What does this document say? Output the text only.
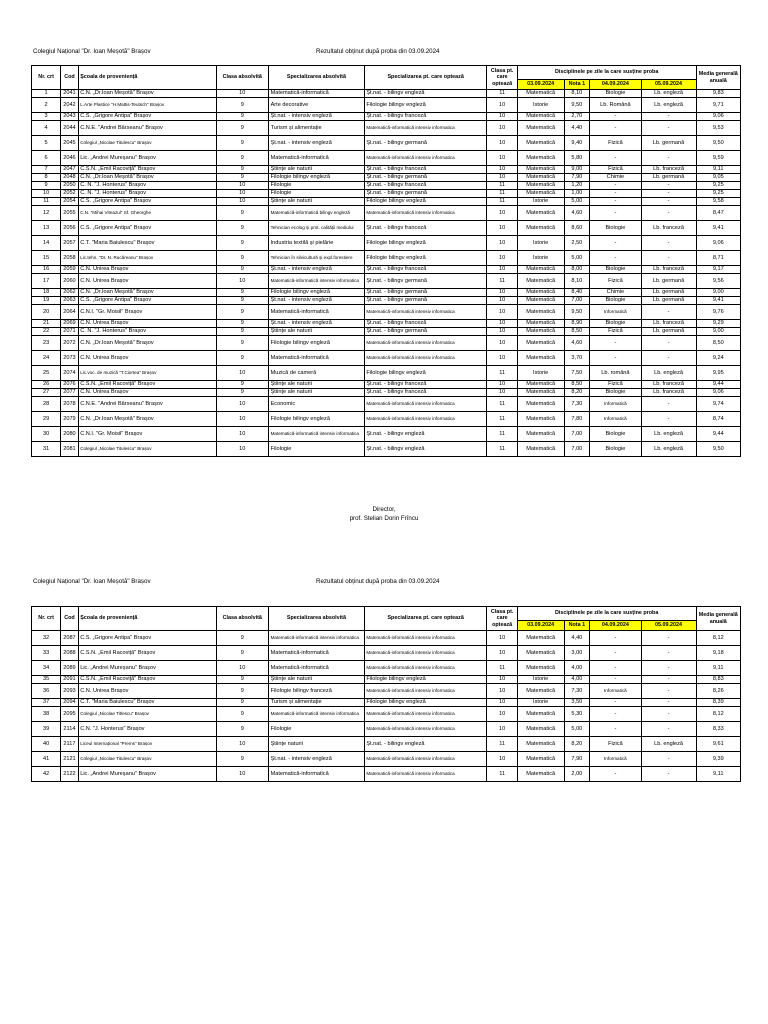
Colegiul Național "Dr. Ioan Meșotă" Brașov	Rezultatul obținut după proba din 03.09.2024
Nr. crt	Cod	Școala de proveniență	Clasa absolvită	Specializarea absolvită	Specializarea pt. care optează	Clasa pt. care optează	Disciplinele pe zile la care susține proba				Media generală anuală
							03.09.2024	Nota 1	04.09.2024	05.09.2024	
1	2041	C.N. „Dr.Ioan Meșotă" Brașov	10	Matematică-informatică	Șt.nat. - bilingv engleză	11	Matematică	8,10	Biologie	Lb. engleză	9,83
2	2042	L.Arte Plastice "H.Mattis-Teutsch" Brașov	9	Arte decorative	Filologie bilingv engleză	10	Istorie	9,50	Lb. Română	Lb. engleză	9,71
3	2043	C.S. „Grigore Antipa" Brașov	9	Șt.nat. - intensiv engleză	Șt.nat. - bilingv franceză	10	Matematică	2,70	-	-	9,06
4	2044	C.N.E. "Andrei Bârseanu" Brașov	9	Turism și alimentație	Matematică-informatică intensiv informatica	10	Matematică	4,40	-	-	9,53
5	2045	Colegiul „Nicolae Titulescu" Brașov	9	Șt.nat. - intensiv engleză	Șt.nat. - bilingv germană	10	Matematică	9,40	Fizică	Lb. germană	9,50
6	2046	Lic. „Andrei Mureșanu" Brașov	9	Matematică-informatică	Matematică-informatică intensiv informatica	10	Matematică	5,80	-	-	9,59
7	2047	C.S.N. „Emil Racoviță" Brașov	9	Științe ale naturii	Șt.nat. - bilingv franceză	10	Matematică	9,00	Fizică	Lb. franceză	9,11
8	2048	C.N. „Dr.Ioan Meșotă" Brașov	9	Filologie bilingv engleză	Șt.nat. - bilingv germană	10	Matematică	7,90	Chimie	Lb. germană	9,05
9	2050	C. N. "J. Honterus" Brașov	10	Filologie	Șt.nat. - bilingv franceză	11	Matematică	1,20	-	-	9,25
10	2052	C. N. "J. Honterus" Brașov	10	Filologie	Șt.nat. - bilingv germană	11	Matematică	1,00	-	-	9,25
11	2054	C.S. „Grigore Antipa" Brașov	10	Științe ale naturii	Filologie bilingv engleză	11	Istorie	5,00	-	-	9,58
12	2055	C.N. "Mihai Viteazul" Sf. Gheorghe	9	Matematică-informatică bilingv engleză	Matematică-informatică intensiv informatica	10	Matematică	4,60	-	-	8,47
13	2056	C.S. „Grigore Antipa" Brașov	9	Tehnician ecolog și prot. calității mediului	Șt.nat. - bilingv franceză	10	Matematică	8,60	Biologie	Lb. franceză	9,41
14	2057	C.T. "Maria Baiulescu" Brașov	9	Industria textilă și pielărie	Filologie bilingv engleză	10	Istorie	2,50	-	-	9,06
15	2058	Lic.tehn. "Dr. N. Rucăreanu" Brașov	9	Tehnician în silvicultură și expl.forestiere	Filologie bilingv engleză	10	Istorie	5,00	-	-	8,71
16	2059	C.N. Unirea Brașov	9	Șt.nat. - intensiv engleză	Șt.nat. - bilingv franceză	10	Matematică	8,00	Biologie	Lb. franceză	9,17
17	2060	C.N. Unirea Brașov	10	Matematică-informatică intensiv informatica	Șt.nat. - bilingv germană	11	Matematică	8,10	Fizică	Lb. germană	9,56
18	2062	C.N. „Dr.Ioan Meșotă" Brașov	9	Filologie bilingv engleză	Șt.nat. - bilingv germană	10	Matematică	8,40	Chimie	Lb. germană	9,00
19	2063	C.S. „Grigore Antipa" Brașov	9	Șt.nat. - intensiv engleză	Șt.nat. - bilingv germană	10	Matematică	7,00	Biologie	Lb. germană	9,41
20	2064	C.N.I. "Gr. Moisil" Brașov	9	Matematică-informatică	Matematică-informatică intensiv informatica	10	Matematică	9,50	Informatică	-	9,76
21	2069	C.N. Unirea Brașov	9	Șt.nat. - intensiv engleză	Șt.nat. - bilingv franceză	10	Matematică	8,90	Biologie	Lb. franceză	9,29
22	2071	C. N. "J. Honterus" Brașov	9	Științe ale naturii	Șt.nat. - bilingv germană	10	Matematică	8,50	Fizică	Lb. germană	9,00
23	2072	C.N. „Dr.Ioan Meșotă" Brașov	9	Filologie bilingv engleză	Matematică-informatică intensiv informatica	10	Matematică	4,60	-	-	8,50
24	2073	C.N. Unirea Brașov	9	Matematică-informatică	Matematică-informatică intensiv informatica	10	Matematică	3,70	-	-	9,24
25	2074	Lic.voc. de muzică "T.Ciortea" Brașov	10	Muzică de cameră	Filologie bilingv engleză	11	Istorie	7,50	Lb. română	Lb. engleză	9,95
26	2076	C.S.N. „Emil Racoviță" Brașov	9	Științe ale naturii	Șt.nat. - bilingv franceză	10	Matematică	8,50	Fizică	Lb. franceză	9,44
27	2077	C.N. Unirea Brașov	9	Științe ale naturii	Șt.nat. - bilingv franceză	10	Matematică	8,20	Biologie	Lb. franceză	9,06
28	2078	C.N.E. "Andrei Bârseanu" Brașov	10	Economic	Matematică-informatică intensiv informatica	11	Matematică	7,30	Informatică	-	9,74
29	2079	C.N. „Dr.Ioan Meșotă" Brașov	10	Filologie bilingv engleză	Matematică-informatică intensiv informatica	11	Matematică	7,80	Informatică	-	8,74
30	2080	C.N.I. "Gr. Moisil" Brașov	10	Matematică-informatică intensiv informatica	Șt.nat. - bilingv engleză	11	Matematică	7,00	Biologie	Lb. engleză	9,44
31	2081	Colegiul „Nicolae Titulescu" Brașov	10	Filologie	Șt.nat. - bilingv engleză	11	Matematică	7,00	Biologie	Lb. engleză	9,50
Director,
prof. Stelian Dorin Frîncu
Colegiul Național "Dr. Ioan Meșotă" Brașov	Rezultatul obținut după proba din 03.09.2024
Nr. crt	Cod	Școala de proveniență	Clasa absolvită	Specializarea absolvită	Specializarea pt. care optează	Clasa pt. care optează	Disciplinele pe zile la care susține proba				Media generală anuală
							03.09.2024	Nota 1	04.09.2024	05.09.2024	
32	2087	C.S. „Grigore Antipa" Brașov	9	Matematică-informatică intensiv informatica	Matematică-informatică intensiv informatica	10	Matematică	4,40	-	-	8,12
33	2088	C.S.N. „Emil Racoviță" Brașov	9	Matematică-informatică	Matematică-informatică intensiv informatica	10	Matematică	3,00	-	-	9,18
34	2089	Lic. „Andrei Mureșanu" Brașov	10	Matematică-informatică	Matematică-informatică intensiv informatica	11	Matematică	4,00	-	-	9,11
35	2091	C.S.N. „Emil Racoviță" Brașov	9	Științe ale naturii	Filologie bilingv engleză	10	Istorie	4,00	-	-	8,83
36	2093	C.N. Unirea Brașov	9	Filologie bilingv franceză	Matematică-informatică intensiv informatica	10	Matematică	7,30	Informatică	-	8,26
37	2094	C.T. "Maria Baiulescu" Brașov	9	Turism și alimentație	Filologie bilingv engleză	10	Istorie	3,50	-	-	8,39
38	2095	Colegiul „Nicolae Titlescu" Brașov	9	Matematică-informatică intensiv informatica	Matematică-informatică intensiv informatica	10	Matematică	5,30	-	-	8,12
39	2114	C.N. "J. Honterus" Brașov	9	Filologie	Matematică-informatică intensiv informatica	10	Matematică	5,00	-	-	8,33
40	2117	Liceul Internațional "Prems" Brașov	10	Științe naturii	Șt.nat. - bilingv engleză	11	Matematică	8,20	Fizică	Lb. engleză	9,61
41	2121	Colegiul „Nicolae Titulescu" Brașov	9	Șt.nat. - intensiv engleză	Matematică-informatică intensiv informatica	10	Matematică	7,90	Informatică	-	9,39
42	2122	Lic. „Andrei Mureșanu" Brașov	10	Matematică-informatică	Matematică-informatică intensiv informatica	11	Matematică	2,00	-	-	9,11
